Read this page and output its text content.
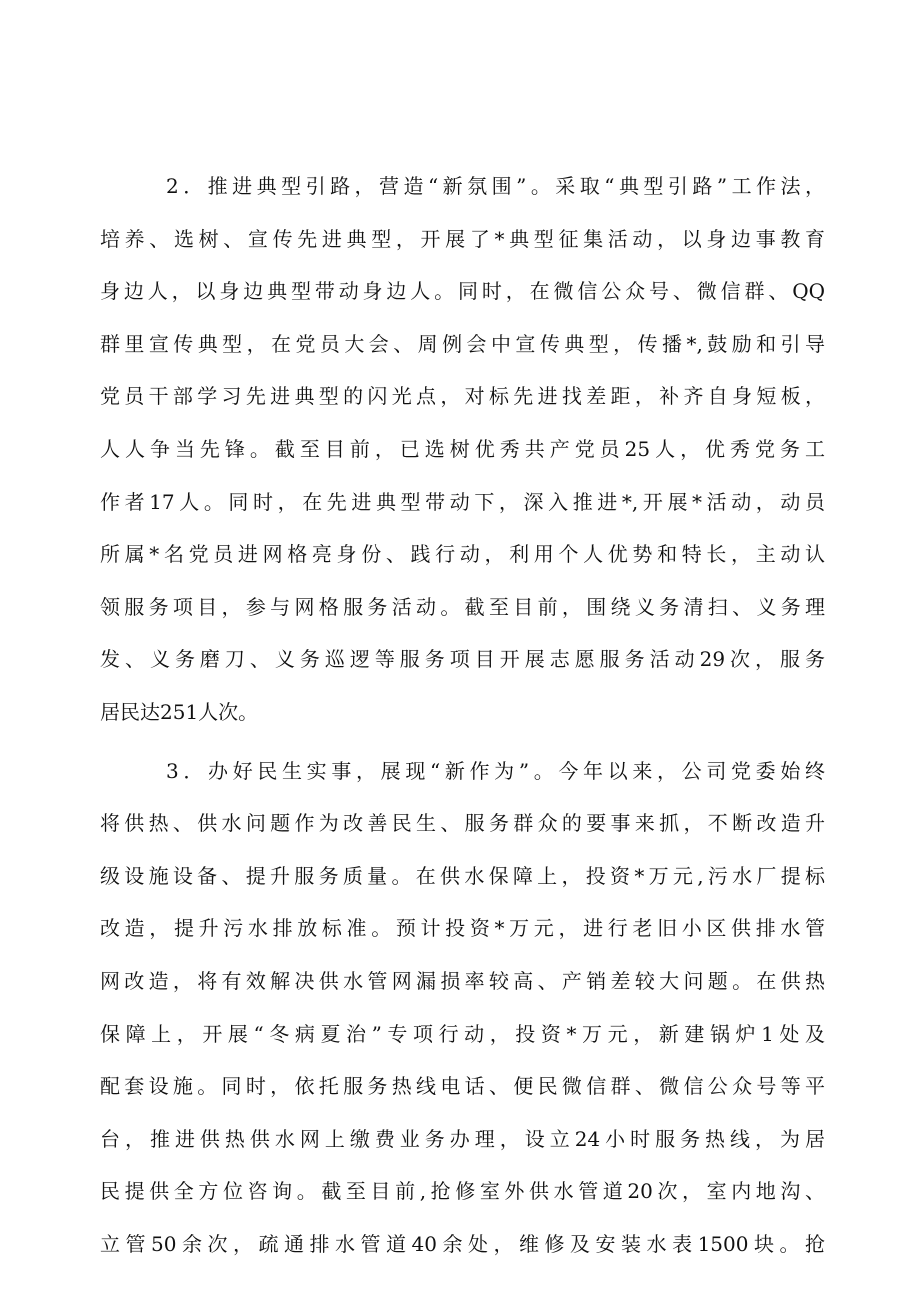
2．推进典型引路，营造“新氛围”。采取“典型引路”工作法，
培养、选树、宣传先进典型，开展了*典型征集活动，以身边事教育
身边人，以身边典型带动身边人。同时，在微信公众号、微信群、QQ
群里宣传典型，在党员大会、周例会中宣传典型，传播*,鼓励和引导
党员干部学习先进典型的闪光点，对标先进找差距，补齐自身短板，
人人争当先锋。截至目前，已选树优秀共产党员25人，优秀党务工
作者17人。同时，在先进典型带动下，深入推进*,开展*活动，动员
所属*名党员进网格亮身份、践行动，利用个人优势和特长，主动认
领服务项目，参与网格服务活动。截至目前，围绕义务清扫、义务理
发、义务磨刀、义务巡逻等服务项目开展志愿服务活动29次，服务
居民达251人次。
3．办好民生实事，展现“新作为”。今年以来，公司党委始终
将供热、供水问题作为改善民生、服务群众的要事来抓，不断改造升
级设施设备、提升服务质量。在供水保障上，投资*万元,污水厂提标
改造，提升污水排放标准。预计投资*万元，进行老旧小区供排水管
网改造，将有效解决供水管网漏损率较高、产销差较大问题。在供热
保障上，开展“冬病夏治”专项行动，投资*万元，新建锅炉1处及
配套设施。同时，依托服务热线电话、便民微信群、微信公众号等平
台，推进供热供水网上缴费业务办理，设立24小时服务热线，为居
民提供全方位咨询。截至目前,抢修室外供水管道20次，室内地沟、
立管50余次，疏通排水管道40余处，维修及安装水表1500块。抢
